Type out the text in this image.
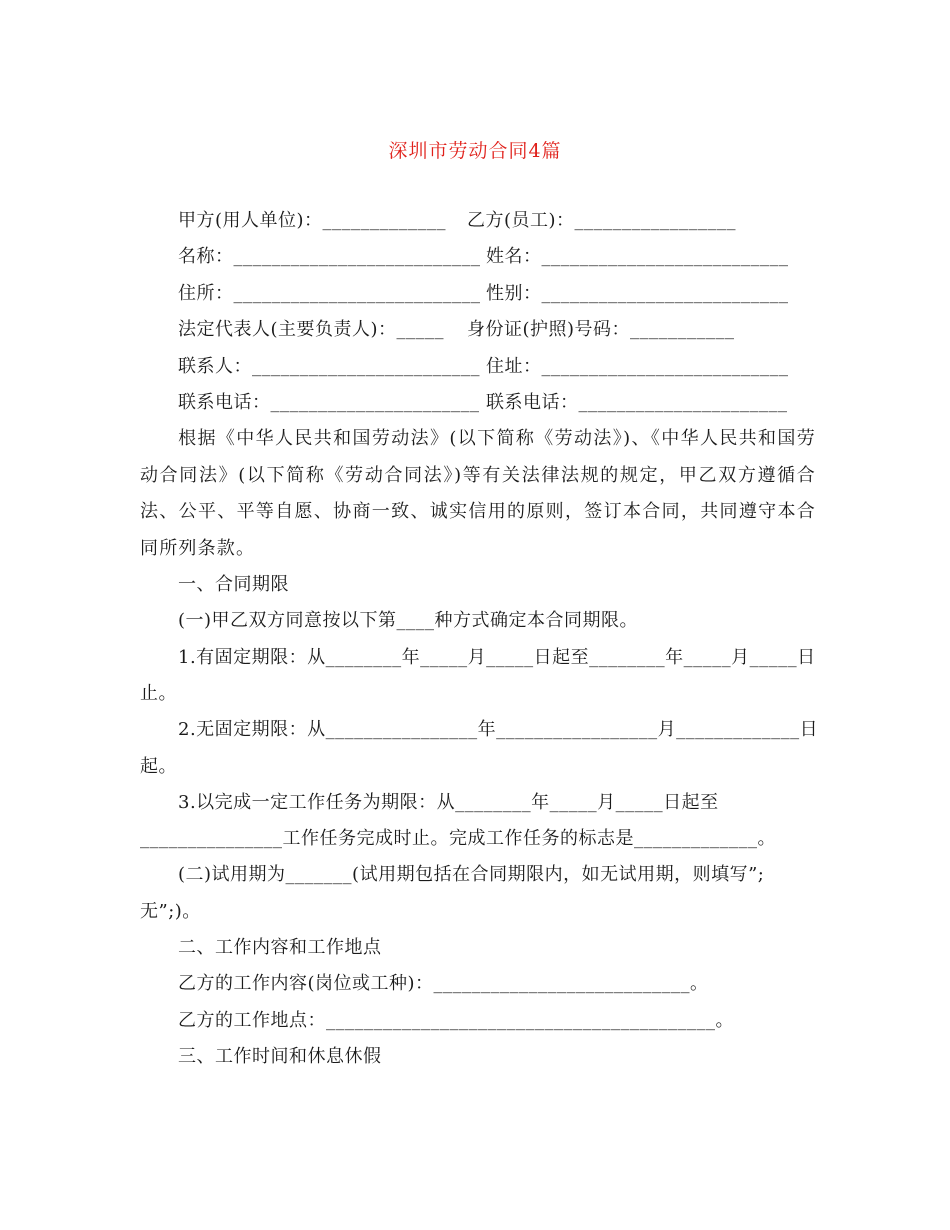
深圳市劳动合同4篇
甲方(用人单位)：_____________
名称：__________________________
住所：__________________________
法定代表人(主要负责人)：_____
联系人：________________________
联系电话：______________________
乙方(员工)：_________________
姓名：__________________________
性别：__________________________
身份证(护照)号码：___________
住址：__________________________
联系电话：______________________
根据《中华人民共和国劳动法》(以下简称《劳动法》)、《中华人民共和国劳动合同法》(以下简称《劳动合同法》)等有关法律法规的规定，甲乙双方遵循合法、公平、平等自愿、协商一致、诚实信用的原则，签订本合同，共同遵守本合同所列条款。
一、合同期限
(一)甲乙双方同意按以下第____种方式确定本合同期限。
1.有固定期限：从________年_____月_____日起至________年_____月_____日
止。
2.无固定期限：从________________年_________________月_____________日
起。
3.以完成一定工作任务为期限：从________年_____月_____日起至
_______________工作任务完成时止。完成工作任务的标志是_____________。
(二)试用期为_______(试用期包括在合同期限内，如无试用期，则填写”;
无”;)。
二、工作内容和工作地点
乙方的工作内容(岗位或工种)：___________________________。
乙方的工作地点：_________________________________________。
三、工作时间和休息休假
